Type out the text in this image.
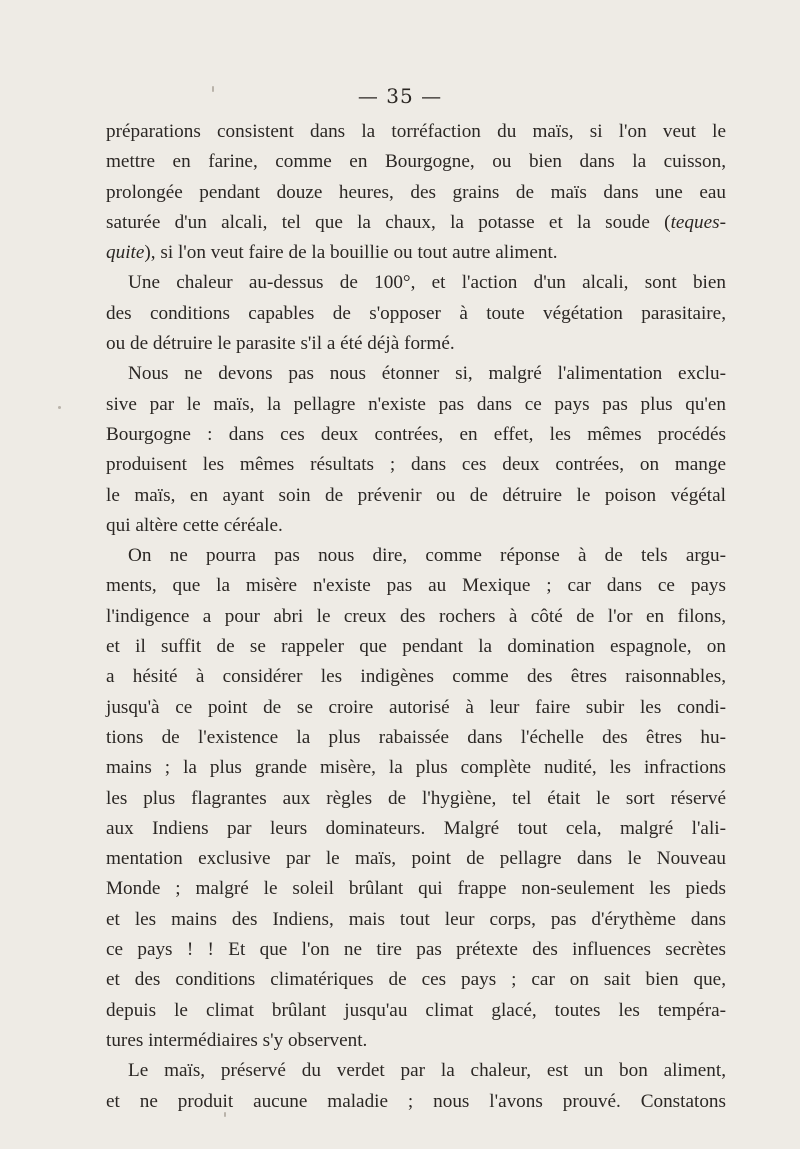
— 35 —
préparations consistent dans la torréfaction du maïs, si l'on veut le
mettre en farine, comme en Bourgogne, ou bien dans la cuisson,
prolongée pendant douze heures, des grains de maïs dans une eau
saturée d'un alcali, tel que la chaux, la potasse et la soude (teques-
quite), si l'on veut faire de la bouillie ou tout autre aliment.
Une chaleur au-dessus de 100°, et l'action d'un alcali, sont bien
des conditions capables de s'opposer à toute végétation parasitaire,
ou de détruire le parasite s'il a été déjà formé.
Nous ne devons pas nous étonner si, malgré l'alimentation exclu-
sive par le maïs, la pellagre n'existe pas dans ce pays pas plus qu'en
Bourgogne : dans ces deux contrées, en effet, les mêmes procédés
produisent les mêmes résultats ; dans ces deux contrées, on mange
le maïs, en ayant soin de prévenir ou de détruire le poison végétal
qui altère cette céréale.
On ne pourra pas nous dire, comme réponse à de tels argu-
ments, que la misère n'existe pas au Mexique ; car dans ce pays
l'indigence a pour abri le creux des rochers à côté de l'or en filons,
et il suffit de se rappeler que pendant la domination espagnole, on
a hésité à considérer les indigènes comme des êtres raisonnables,
jusqu'à ce point de se croire autorisé à leur faire subir les condi-
tions de l'existence la plus rabaissée dans l'échelle des êtres hu-
mains ; la plus grande misère, la plus complète nudité, les infractions
les plus flagrantes aux règles de l'hygiène, tel était le sort réservé
aux Indiens par leurs dominateurs. Malgré tout cela, malgré l'ali-
mentation exclusive par le maïs, point de pellagre dans le Nouveau
Monde ; malgré le soleil brûlant qui frappe non-seulement les pieds
et les mains des Indiens, mais tout leur corps, pas d'érythème dans
ce pays ! ! Et que l'on ne tire pas prétexte des influences secrètes
et des conditions climatériques de ces pays ; car on sait bien que,
depuis le climat brûlant jusqu'au climat glacé, toutes les tempéra-
tures intermédiaires s'y observent.
Le maïs, préservé du verdet par la chaleur, est un bon aliment,
et ne produit aucune maladie ; nous l'avons prouvé. Constatons
